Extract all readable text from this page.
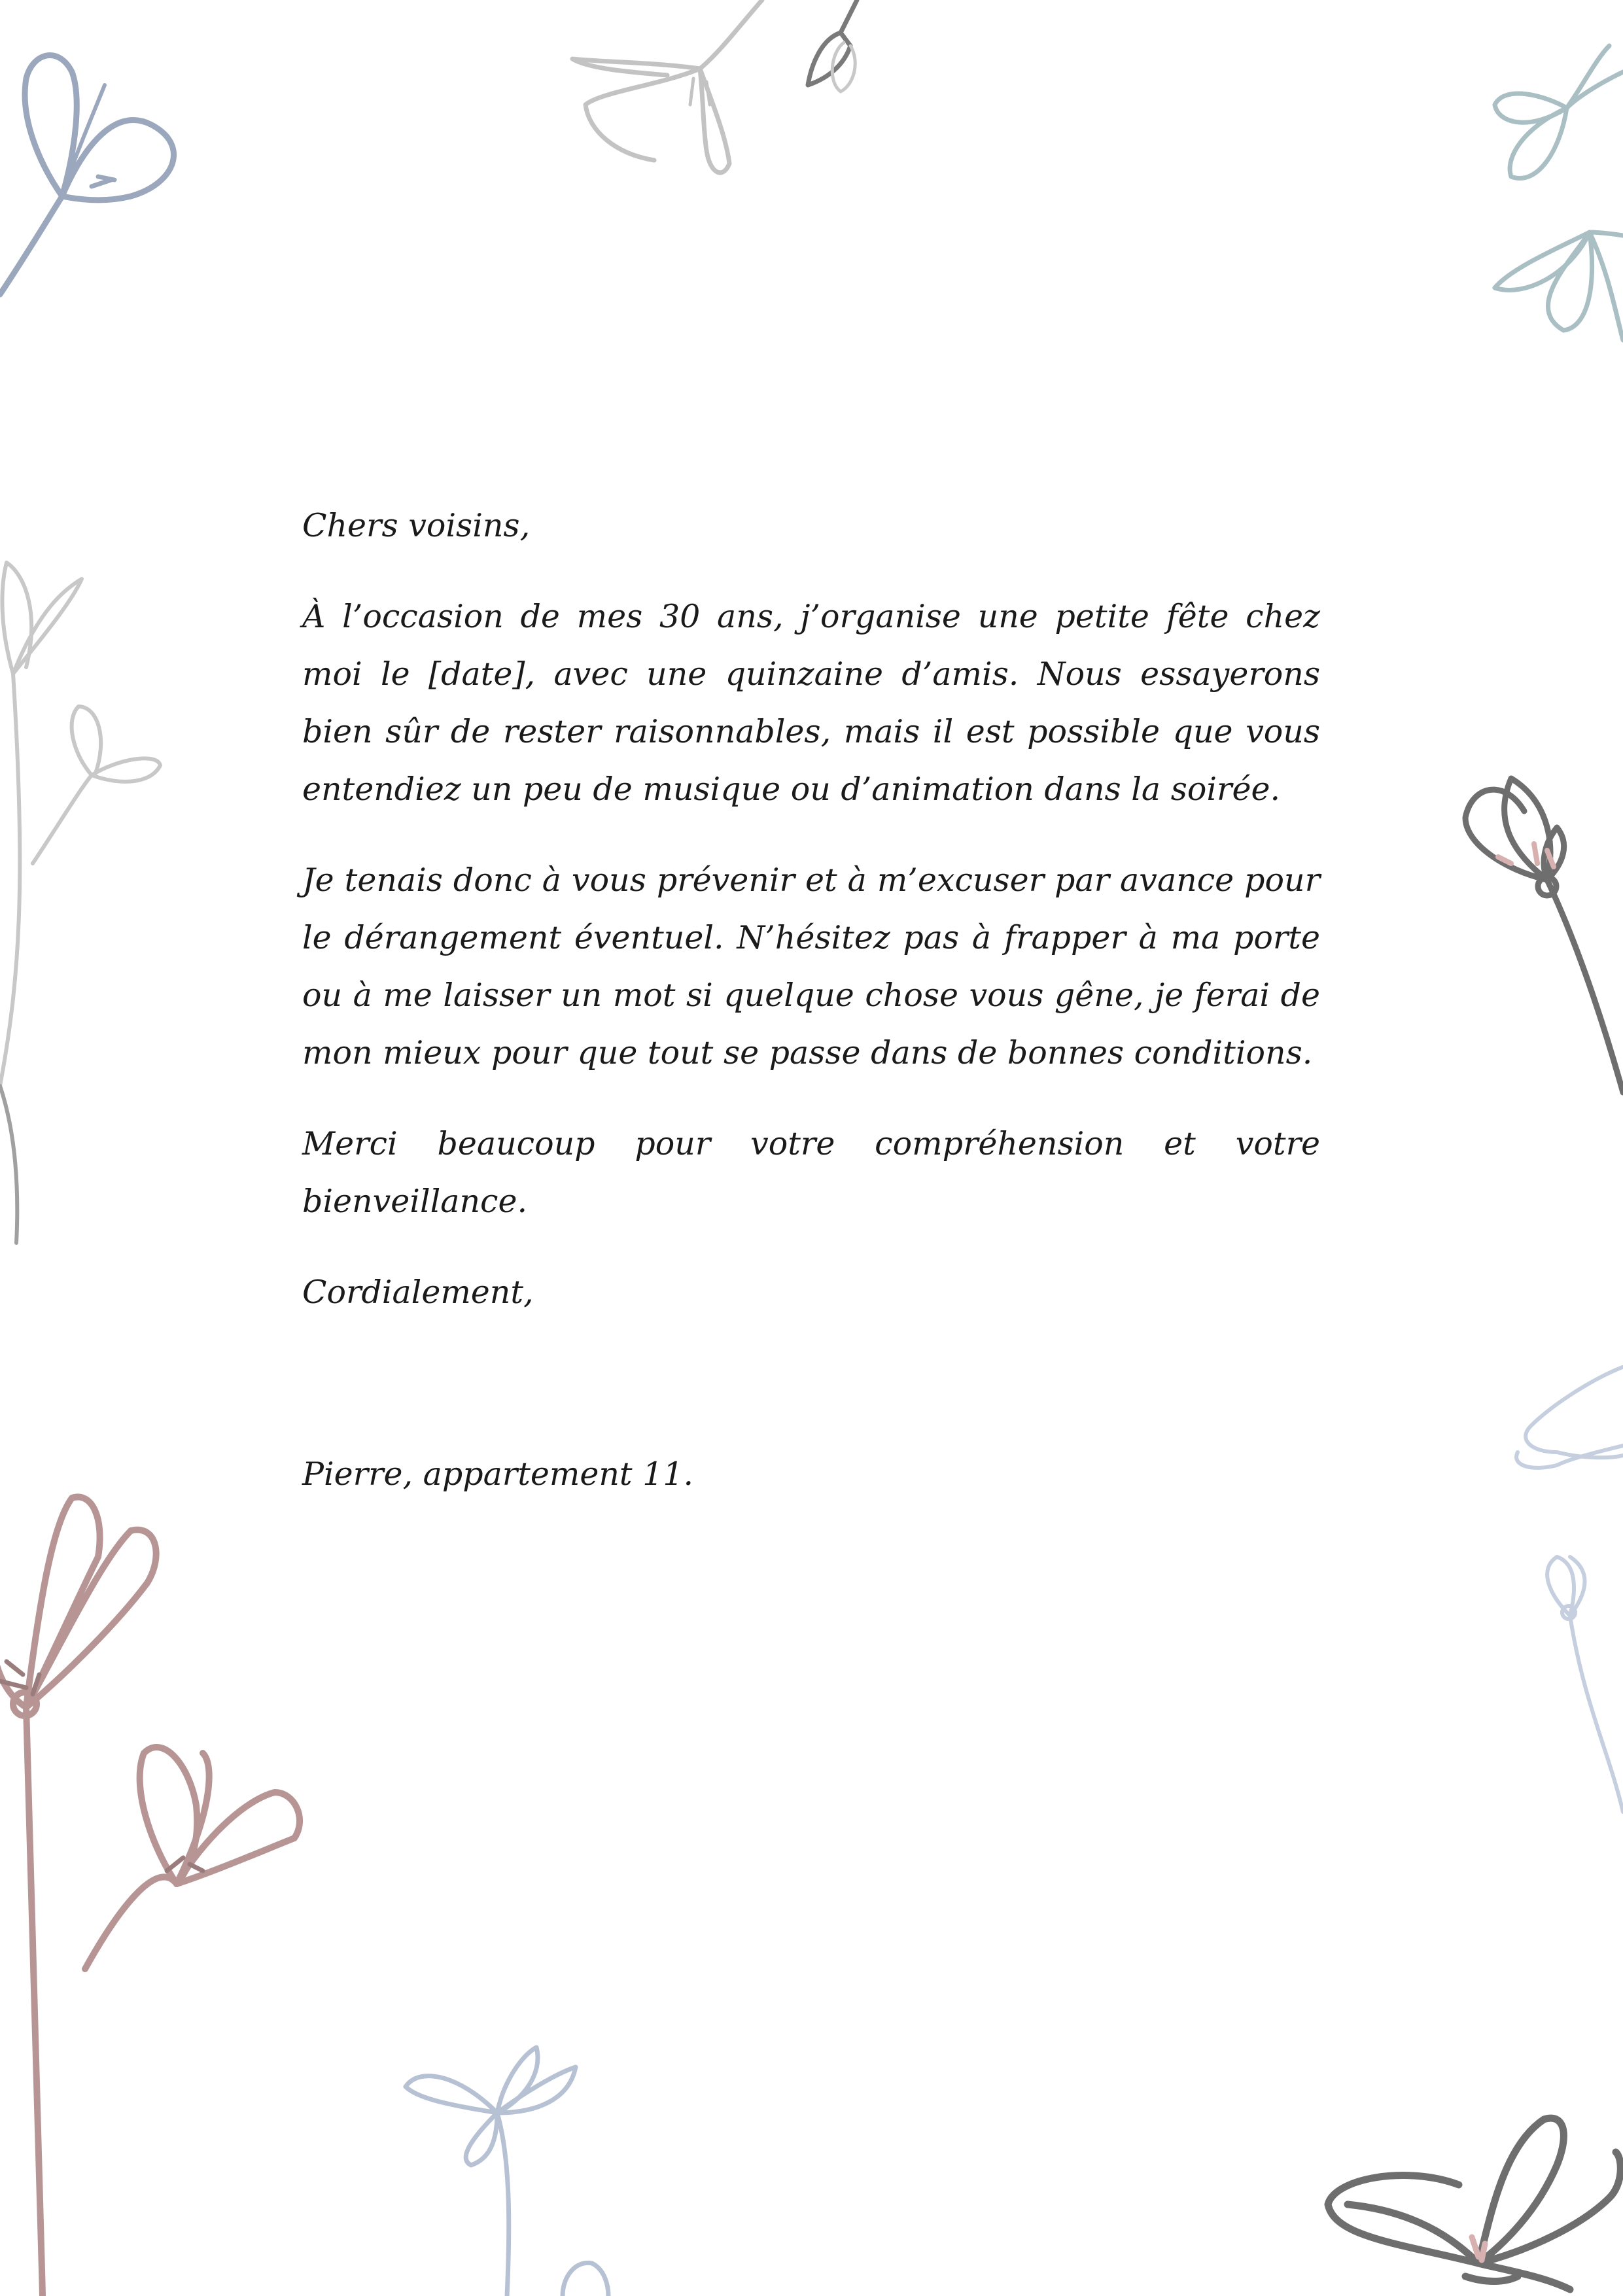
Chers voisins,

À l’occasion de mes 30 ans, j’organise une petite fête chez moi le [date], avec une quinzaine d’amis. Nous essayerons bien sûr de rester raisonnables, mais il est possible que vous entendiez un peu de musique ou d’animation dans la soirée.

Je tenais donc à vous prévenir et à m’excuser par avance pour le dérangement éventuel. N’hésitez pas à frapper à ma porte ou à me laisser un mot si quelque chose vous gêne, je ferai de mon mieux pour que tout se passe dans de bonnes conditions.

Merci beaucoup pour votre compréhension et votre bienveillance.

Cordialement,

Pierre, appartement 11.
